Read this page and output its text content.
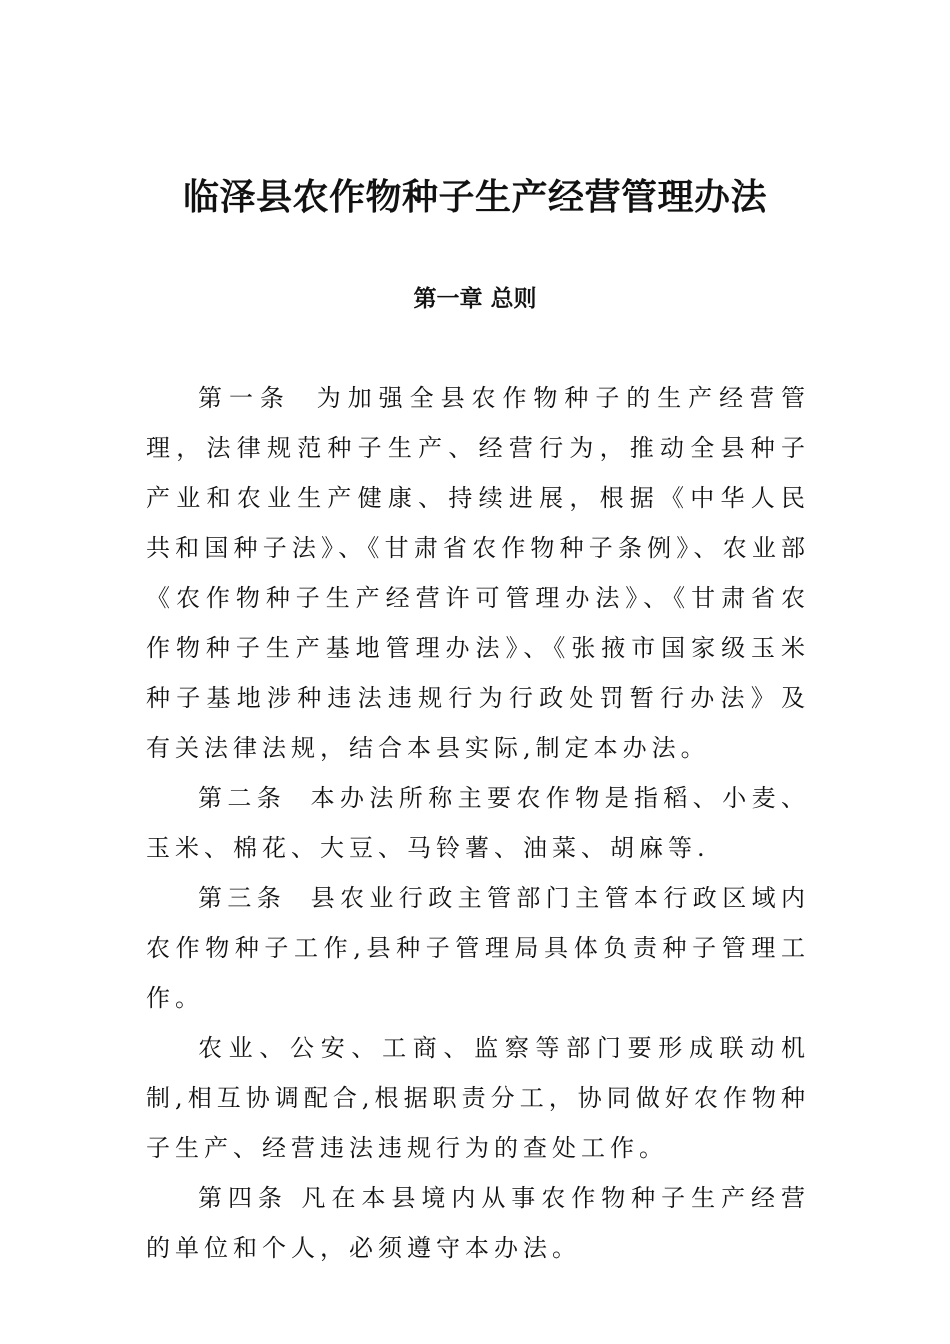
临泽县农作物种子生产经营管理办法
第一章 总则

第一条 为加强全县农作物种子的生产经营管理，法律规范种子生产、经营行为，推动全县种子产业和农业生产健康、持续进展，根据《中华人民共和国种子法》、《甘肃省农作物种子条例》、农业部《农作物种子生产经营许可管理办法》、《甘肃省农作物种子生产基地管理办法》、《张掖市国家级玉米种子基地涉种违法违规行为行政处罚暂行办法》及有关法律法规，结合本县实际,制定本办法。

第二条 本办法所称主要农作物是指稻、小麦、玉米、棉花、大豆、马铃薯、油菜、胡麻等.

第三条 县农业行政主管部门主管本行政区域内农作物种子工作,县种子管理局具体负责种子管理工作。

农业、公安、工商、监察等部门要形成联动机制,相互协调配合,根据职责分工，协同做好农作物种子生产、经营违法违规行为的查处工作。

第四条 凡在本县境内从事农作物种子生产经营的单位和个人，必须遵守本办法。
